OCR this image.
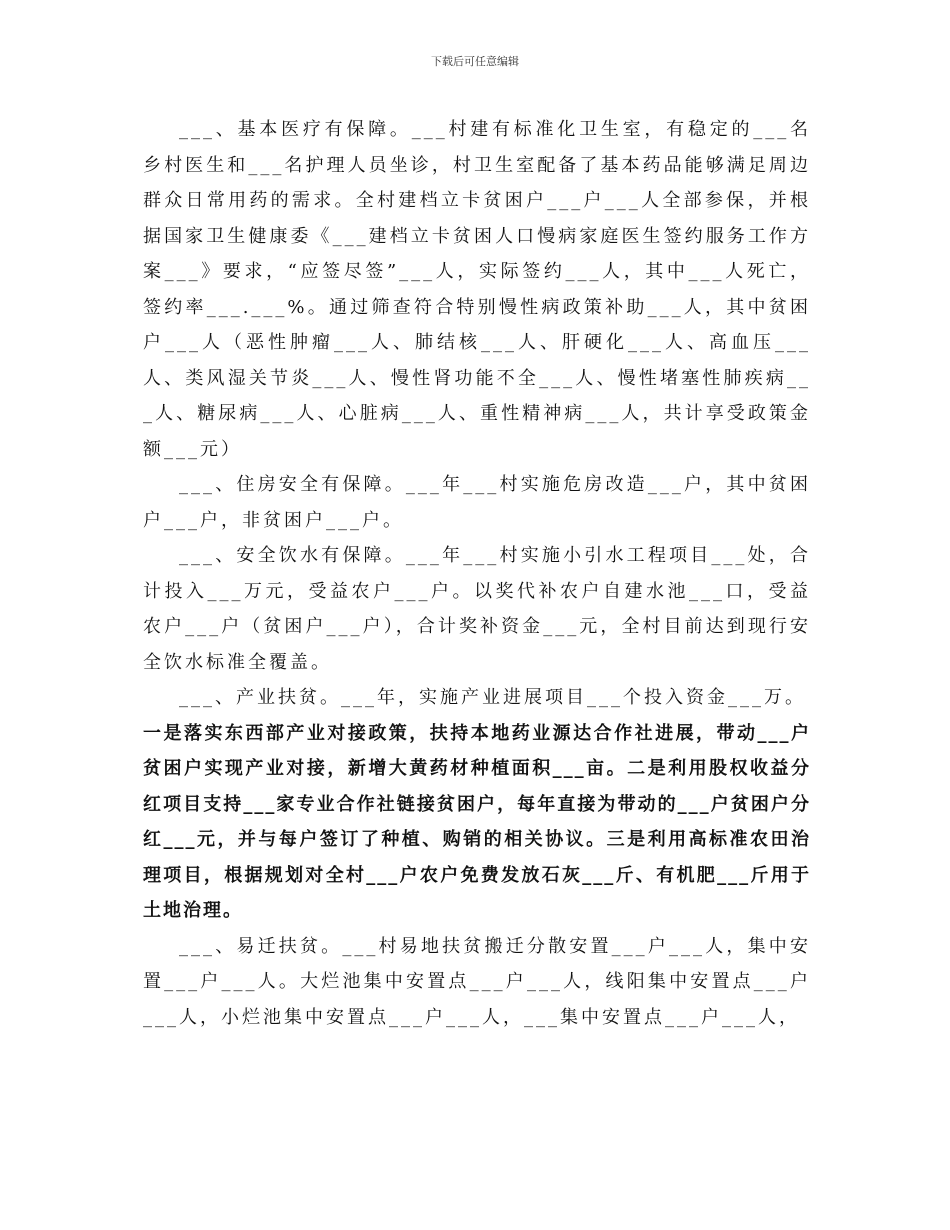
下载后可任意编辑

___、基本医疗有保障。___村建有标准化卫生室，有稳定的___名乡村医生和___名护理人员坐诊，村卫生室配备了基本药品能够满足周边群众日常用药的需求。全村建档立卡贫困户___户___人全部参保，并根据国家卫生健康委《___建档立卡贫困人口慢病家庭医生签约服务工作方案___》要求，“应签尽签”___人，实际签约___人，其中___人死亡，签约率___.___%。通过筛查符合特别慢性病政策补助___人，其中贫困户___人（恶性肿瘤___人、肺结核___人、肝硬化___人、高血压___人、类风湿关节炎___人、慢性肾功能不全___人、慢性堵塞性肺疾病___人、糖尿病___人、心脏病___人、重性精神病___人，共计享受政策金额___元）

___、住房安全有保障。___年___村实施危房改造___户，其中贫困户___户，非贫困户___户。

___、安全饮水有保障。___年___村实施小引水工程项目___处，合计投入___万元，受益农户___户。以奖代补农户自建水池___口，受益农户___户（贫困户___户），合计奖补资金___元，全村目前达到现行安全饮水标准全覆盖。

___、产业扶贫。___年，实施产业进展项目___个投入资金___万。

一是落实东西部产业对接政策，扶持本地药业源达合作社进展，带动___户贫困户实现产业对接，新增大黄药材种植面积___亩。二是利用股权收益分红项目支持___家专业合作社链接贫困户，每年直接为带动的___户贫困户分红___元，并与每户签订了种植、购销的相关协议。三是利用高标准农田治理项目，根据规划对全村___户农户免费发放石灰___斤、有机肥___斤用于土地治理。

___、易迁扶贫。___村易地扶贫搬迁分散安置___户___人，集中安置___户___人。大烂池集中安置点___户___人，线阳集中安置点___户___人，小烂池集中安置点___户___人，___集中安置点___户___人，
